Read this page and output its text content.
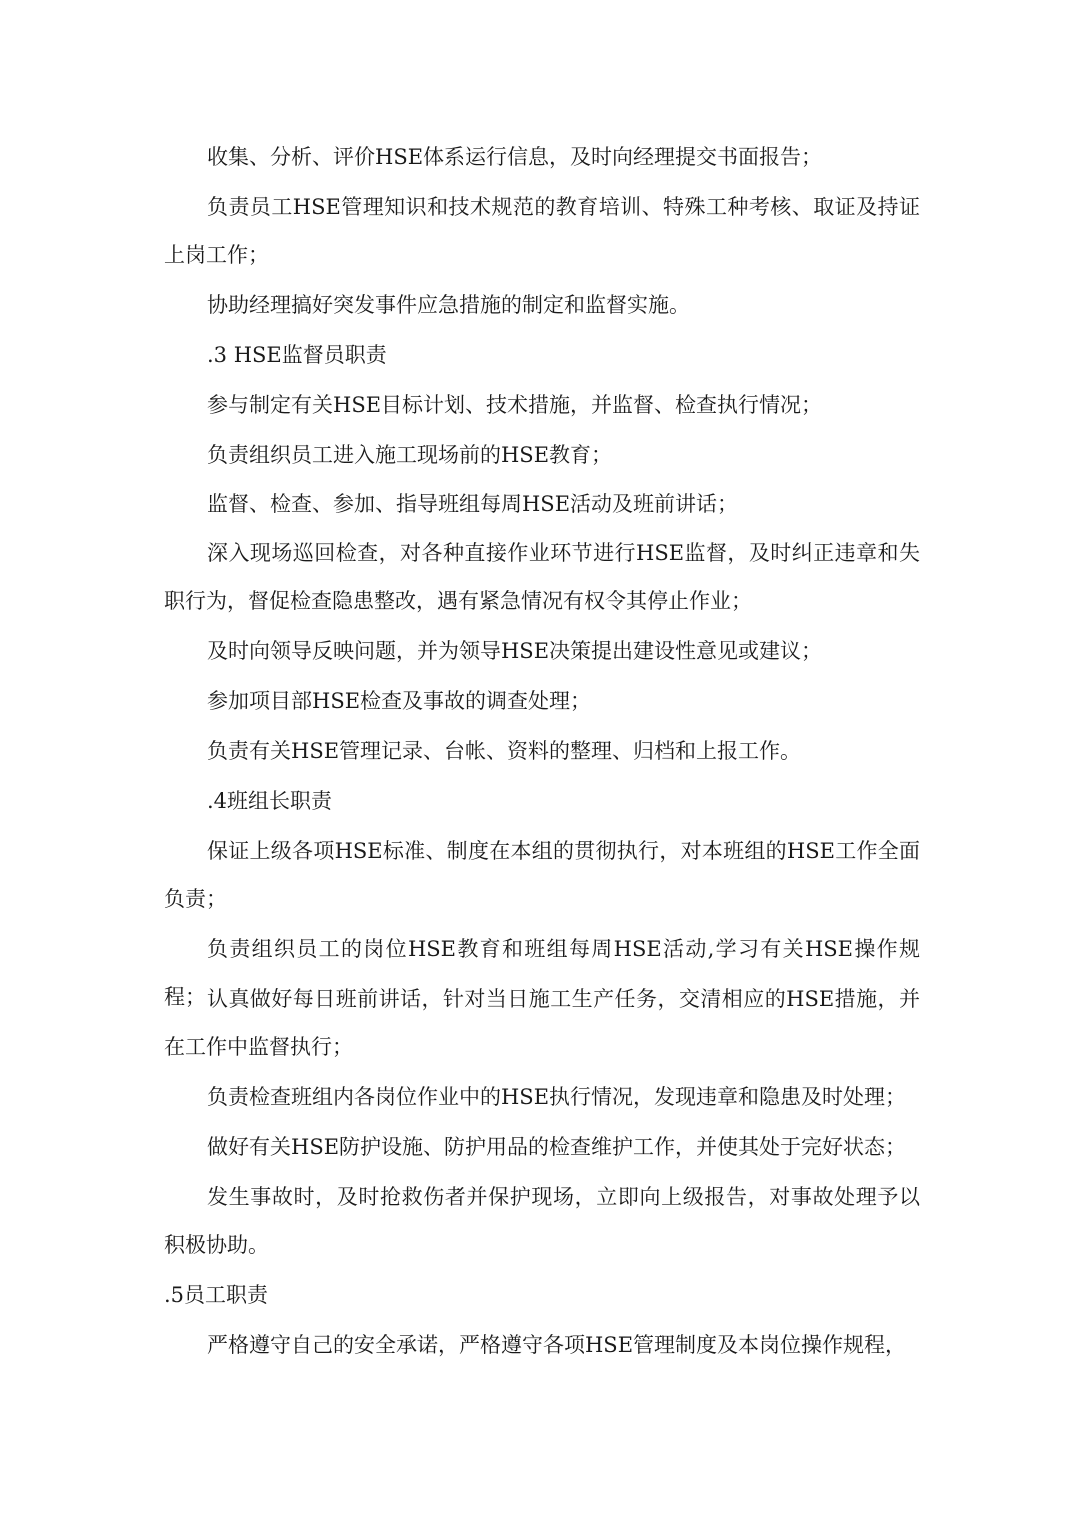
收集、分析、评价HSE体系运行信息，及时向经理提交书面报告；

负责员工HSE管理知识和技术规范的教育培训、特殊工种考核、取证及持证上岗工作；

协助经理搞好突发事件应急措施的制定和监督实施。

.3 HSE监督员职责

参与制定有关HSE目标计划、技术措施，并监督、检查执行情况；

负责组织员工进入施工现场前的HSE教育；

监督、检查、参加、指导班组每周HSE活动及班前讲话；

深入现场巡回检查，对各种直接作业环节进行HSE监督，及时纠正违章和失职行为，督促检查隐患整改，遇有紧急情况有权令其停止作业；

及时向领导反映问题，并为领导HSE决策提出建设性意见或建议；

参加项目部HSE检查及事故的调查处理；

负责有关HSE管理记录、台帐、资料的整理、归档和上报工作。

.4班组长职责

保证上级各项HSE标准、制度在本组的贯彻执行，对本班组的HSE工作全面负责；

负责组织员工的岗位HSE教育和班组每周HSE活动,学习有关HSE操作规程； 认真做好每日班前讲话，针对当日施工生产任务，交清相应的HSE措施，并在工作中监督执行；

负责检查班组内各岗位作业中的HSE执行情况，发现违章和隐患及时处理；

做好有关HSE防护设施、防护用品的检查维护工作，并使其处于完好状态；

发生事故时，及时抢救伤者并保护现场，立即向上级报告，对事故处理予以积极协助。

.5员工职责

严格遵守自己的安全承诺，严格遵守各项HSE管理制度及本岗位操作规程，
